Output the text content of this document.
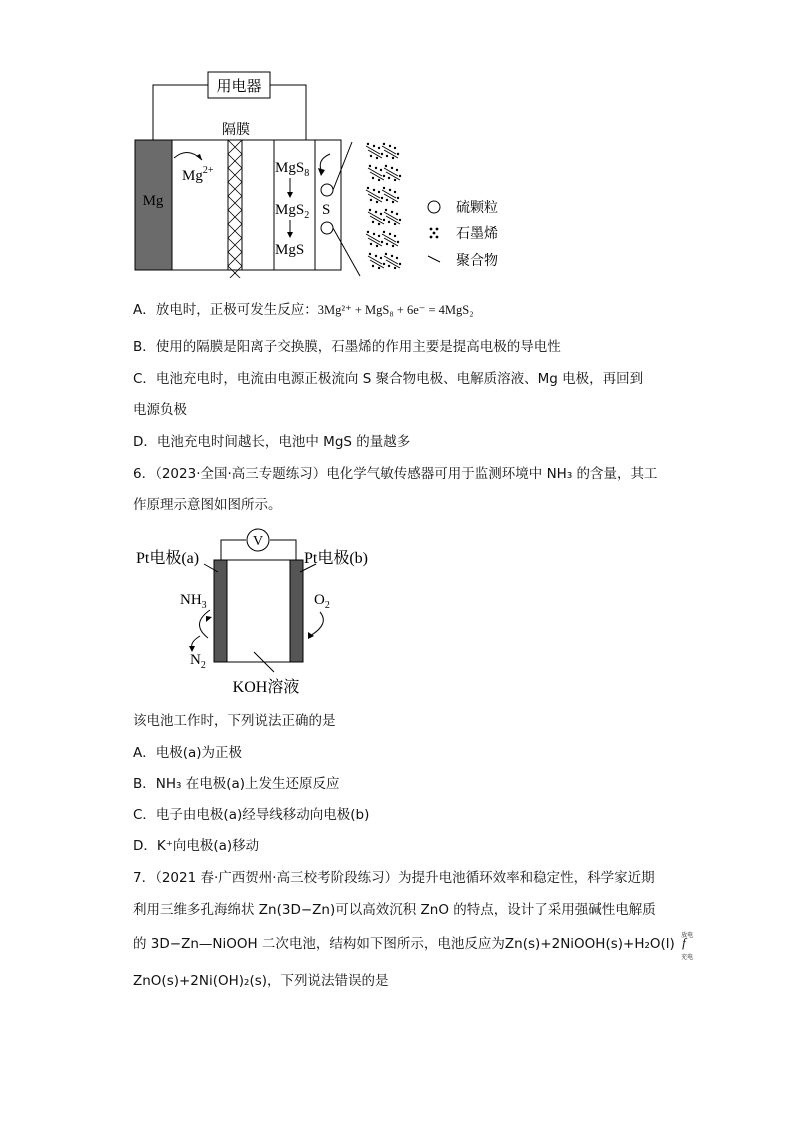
用电器
隔膜
Mg
$Mg^{2+}$	MgS$_8$
MgS$_2$
MgS
S	硫颗粒
石墨烯
聚合物
A．放电时，正极可发生反应：3Mg²⁺ + MgS₈ + 6e⁻ = 4MgS₂
B．使用的隔膜是阳离子交换膜，石墨烯的作用主要是提高电极的导电性
C．电池充电时，电流由电源正极流向 S 聚合物电极、电解质溶液、Mg 电极，再回到
电源负极
D．电池充电时间越长，电池中 MgS 的量越多
6．（2023·全国·高三专题练习）电化学气敏传感器可用于监测环境中 NH₃ 的含量，其工
作原理示意图如图所示。
V
Pt电极(a)	Pt电极(b)
$NH_3$
$N_2$
$O_2$
KOH溶液
该电池工作时，下列说法正确的是
A．电极(a)为正极
B．NH₃ 在电极(a)上发生还原反应
C．电子由电极(a)经导线移动向电极(b)
D．K⁺向电极(a)移动
7．（2021 春·广西贺州·高三校考阶段练习）为提升电池循环效率和稳定性，科学家近期
利用三维多孔海绵状 Zn(3D−Zn)可以高效沉积 ZnO 的特点，设计了采用强碱性电解质
的 3D−Zn—NiOOH 二次电池，结构如下图所示，电池反应为Zn(s)+2NiOOH(s)+H₂O(l)
放电
f
充电
ZnO(s)+2Ni(OH)₂(s)，下列说法错误的是
